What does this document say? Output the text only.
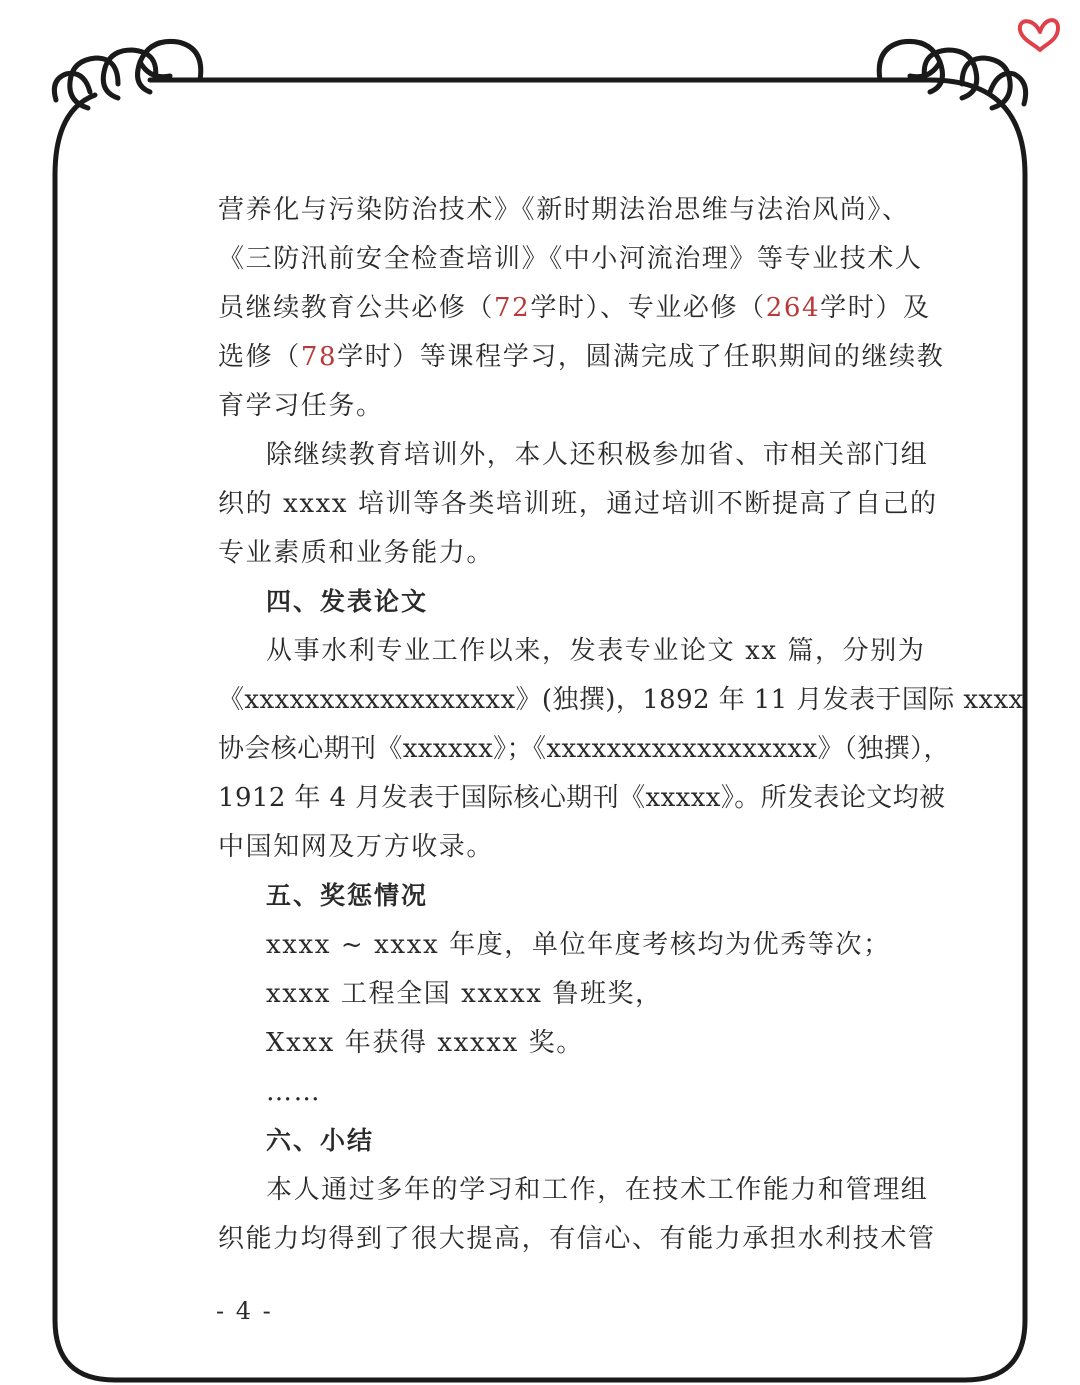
营养化与污染防治技术》《新时期法治思维与法治风尚》、
《三防汛前安全检查培训》《中小河流治理》等专业技术人
员继续教育公共必修（72学时）、专业必修（264学时）及
选修（78学时）等课程学习，圆满完成了任职期间的继续教
育学习任务。
除继续教育培训外，本人还积极参加省、市相关部门组
织的 xxxx 培训等各类培训班，通过培训不断提高了自己的
专业素质和业务能力。
四、发表论文
从事水利专业工作以来，发表专业论文 xx 篇，分别为
《xxxxxxxxxxxxxxxxxx》(独撰)，1892 年 11 月发表于国际 xxxx
协会核心期刊《xxxxxx》；《xxxxxxxxxxxxxxxxxx》（独撰），
1912 年 4 月发表于国际核心期刊《xxxxx》。所发表论文均被
中国知网及万方收录。
五、奖惩情况
xxxx ~ xxxx 年度，单位年度考核均为优秀等次；
xxxx 工程全国 xxxxx 鲁班奖，
Xxxx 年获得 xxxxx 奖。
……
六、小结
本人通过多年的学习和工作，在技术工作能力和管理组
织能力均得到了很大提高，有信心、有能力承担水利技术管
- 4 -
